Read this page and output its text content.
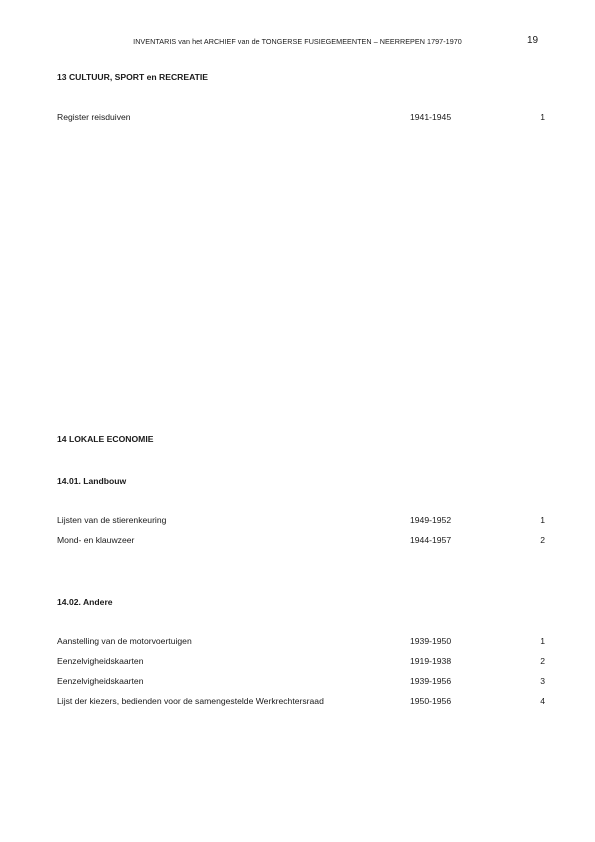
INVENTARIS van het ARCHIEF van de TONGERSE FUSIEGEMEENTEN – NEERREPEN 1797-1970	19
13 CULTUUR, SPORT en RECREATIE
Register reisduiven	1941-1945	1
14 LOKALE ECONOMIE
14.01. Landbouw
Lijsten van de stierenkeuring	1949-1952	1
Mond- en klauwzeer	1944-1957	2
14.02. Andere
Aanstelling van de motorvoertuigen	1939-1950	1
Eenzelvigheidskaarten	1919-1938	2
Eenzelvigheidskaarten	1939-1956	3
Lijst der kiezers, bedienden voor de samengestelde Werkrechtersraad	1950-1956	4
